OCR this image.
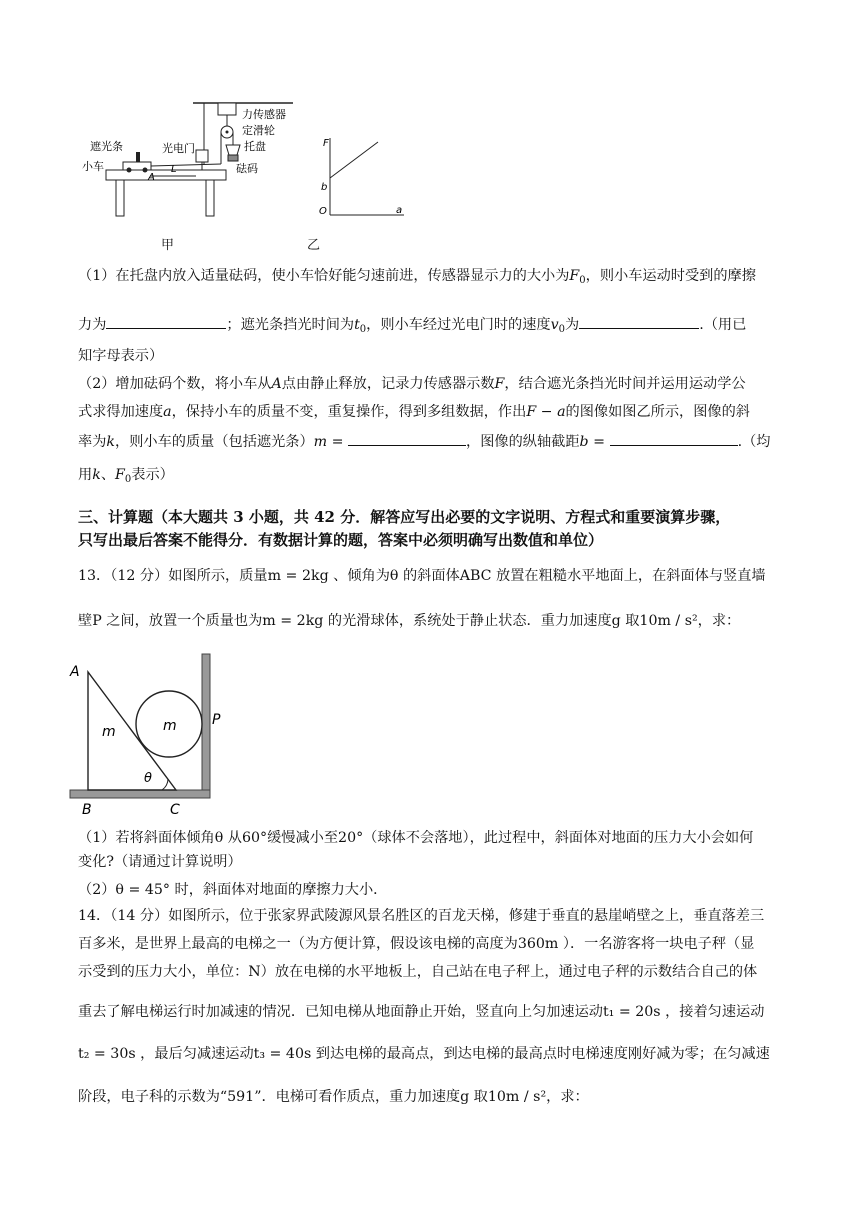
力传感器
定滑轮
托盘
砝码
遮光条	光电门
小车
A
L
F
a
b
O
甲	乙
（1）在托盘内放入适量砝码，使小车恰好能匀速前进，传感器显示力的大小为$F_0$，则小车运动时受到的摩擦
力为	；遮光条挡光时间为$t_0$，则小车经过光电门时的速度$v_0$为	.（用已
知字母表示）
（2）增加砝码个数，将小车从A点由静止释放，记录力传感器示数F，结合遮光条挡光时间并运用运动学公
式求得加速度a，保持小车的质量不变，重复操作，得到多组数据，作出F − a的图像如图乙所示，图像的斜
率为k，则小车的质量（包括遮光条）m =	，图像的纵轴截距b =	.（均
用k、$F_0$表示）
三、计算题（本大题共 3 小题，共 42 分．解答应写出必要的文字说明、方程式和重要演算步骤，
只写出最后答案不能得分．有数据计算的题，答案中必须明确写出数值和单位）
13．（12 分）如图所示，质量m = 2kg 、倾角为θ 的斜面体ABC 放置在粗糙水平地面上，在斜面体与竖直墙
壁P 之间，放置一个质量也为m = 2kg 的光滑球体，系统处于静止状态．重力加速度g 取10m / s²，求：
A
B	C
P
m	m
θ
（1）若将斜面体倾角θ 从60°缓慢减小至20°（球体不会落地），此过程中，斜面体对地面的压力大小会如何
变化?（请通过计算说明）
（2）θ = 45° 时，斜面体对地面的摩擦力大小．
14．（14 分）如图所示，位于张家界武陵源风景名胜区的百龙天梯，修建于垂直的悬崖峭壁之上，垂直落差三
百多米，是世界上最高的电梯之一（为方便计算，假设该电梯的高度为360m ）．一名游客将一块电子秤（显
示受到的压力大小，单位：N）放在电梯的水平地板上，自己站在电子秤上，通过电子秤的示数结合自己的体
重去了解电梯运行时加减速的情况．已知电梯从地面静止开始，竖直向上匀加速运动t₁ = 20s ，接着匀速运动
t₂ = 30s ，最后匀减速运动t₃ = 40s 到达电梯的最高点，到达电梯的最高点时电梯速度刚好减为零；在匀减速
阶段，电子科的示数为“591”．电梯可看作质点，重力加速度g 取10m / s²，求：
